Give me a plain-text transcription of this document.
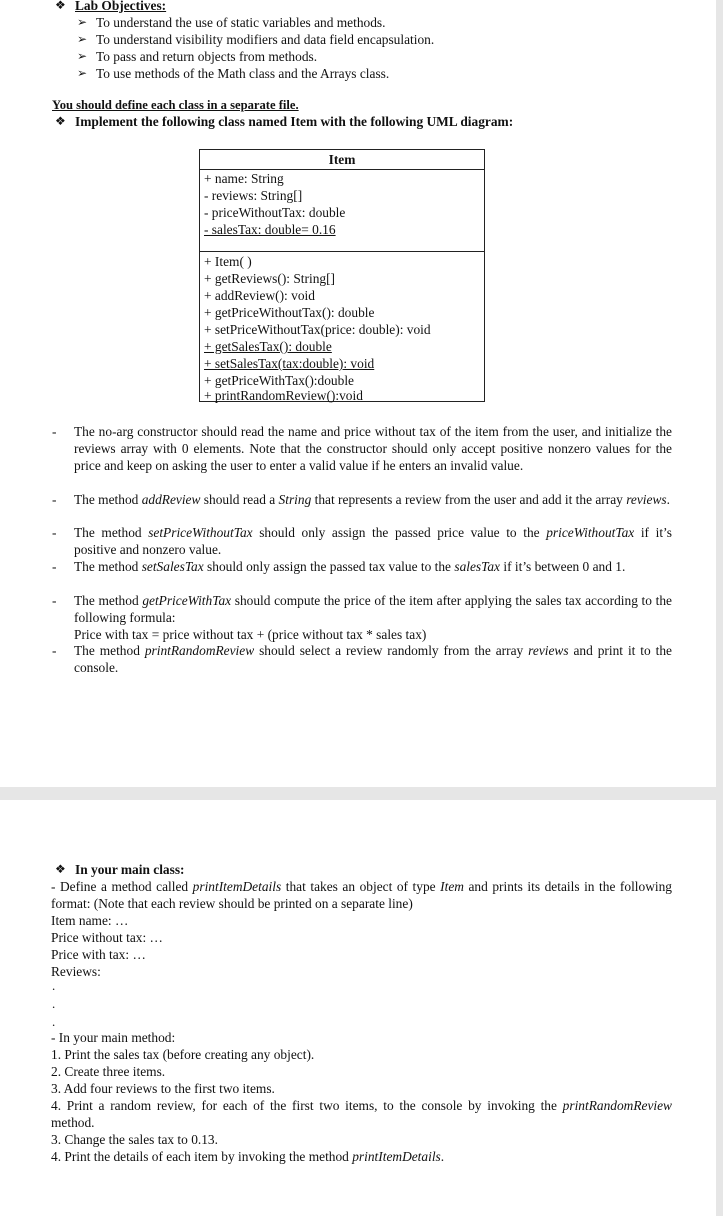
❖ Lab Objectives:
➢ To understand the use of static variables and methods.
➢ To understand visibility modifiers and data field encapsulation.
➢ To pass and return objects from methods.
➢ To use methods of the Math class and the Arrays class.
You should define each class in a separate file.
❖ Implement the following class named Item with the following UML diagram:
Item
+ name: String
- reviews: String[]
- priceWithoutTax: double
- salesTax: double= 0.16
+ Item( )
+ getReviews(): String[]
+ addReview(): void
+ getPriceWithoutTax(): double
+ setPriceWithoutTax(price: double): void
+ getSalesTax(): double
+ setSalesTax(tax:double): void
+ getPriceWithTax():double
+ printRandomReview():void
- The no-arg constructor should read the name and price without tax of the item from the user, and initialize the reviews array with 0 elements. Note that the constructor should only accept positive nonzero values for the price and keep on asking the user to enter a valid value if he enters an invalid value.
- The method addReview should read a String that represents a review from the user and add it the array reviews.
- The method setPriceWithoutTax should only assign the passed price value to the priceWithoutTax if it’s positive and nonzero value.
- The method setSalesTax should only assign the passed tax value to the salesTax if it’s between 0 and 1.
- The method getPriceWithTax should compute the price of the item after applying the sales tax according to the following formula:
Price with tax = price without tax + (price without tax * sales tax)
- The method printRandomReview should select a review randomly from the array reviews and print it to the console.
❖ In your main class:
- Define a method called printItemDetails that takes an object of type Item and prints its details in the following format: (Note that each review should be printed on a separate line)
Item name: …
Price without tax: …
Price with tax: …
Reviews:
.
.
.
- In your main method:
1. Print the sales tax (before creating any object).
2. Create three items.
3. Add four reviews to the first two items.
4. Print a random review, for each of the first two items, to the console by invoking the printRandomReview method.
3. Change the sales tax to 0.13.
4. Print the details of each item by invoking the method printItemDetails.
